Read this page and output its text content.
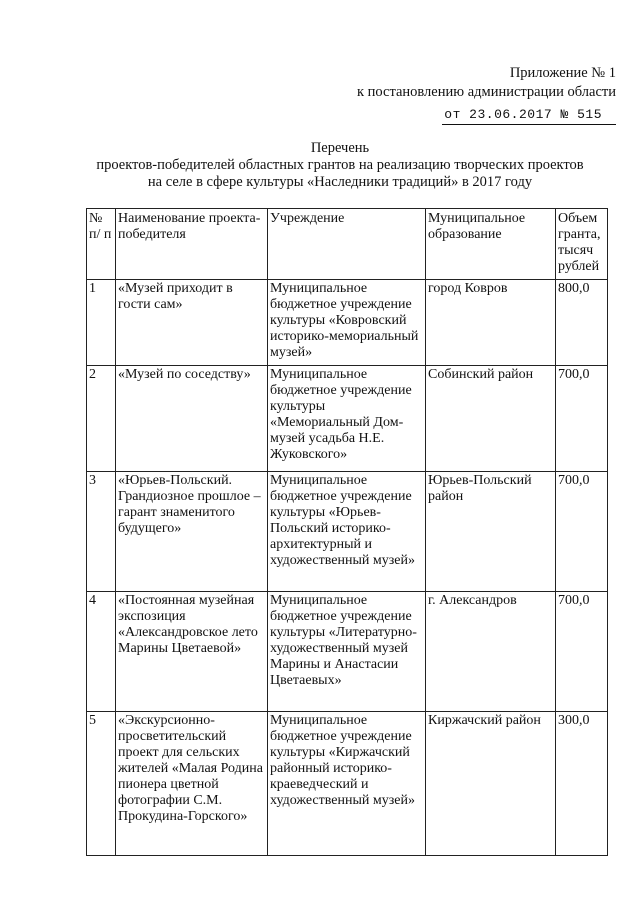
Приложение № 1
к постановлению администрации области
от 23.06.2017 № 515
Перечень
проектов-победителей областных грантов на реализацию творческих проектов
на селе в сфере культуры «Наследники традиций» в 2017 году
№ п/ п	Наименование проекта-победителя	Учреждение	Муниципальное образование	Объем гранта, тысяч рублей
1	«Музей приходит в гости сам»	Муниципальное бюджетное учреждение культуры «Ковровский историко-мемориальный музей»	город Ковров	800,0
2	«Музей по соседству»	Муниципальное бюджетное учреждение культуры «Мемориальный Дом-музей усадьба Н.Е. Жуковского»	Собинский район	700,0
3	«Юрьев-Польский. Грандиозное прошлое – гарант знаменитого будущего»	Муниципальное бюджетное учреждение культуры «Юрьев-Польский историко-архитектурный и художественный музей»	Юрьев-Польский район	700,0
4	«Постоянная музейная экспозиция «Александровское лето Марины Цветаевой»	Муниципальное бюджетное учреждение культуры «Литературно-художественный музей Марины и Анастасии Цветаевых»	г. Александров	700,0
5	«Экскурсионно-просветительский проект для сельских жителей «Малая Родина пионера цветной фотографии С.М. Прокудина-Горского»	Муниципальное бюджетное учреждение культуры «Киржачский районный историко-краеведческий и художественный музей»	Киржачский район	300,0
